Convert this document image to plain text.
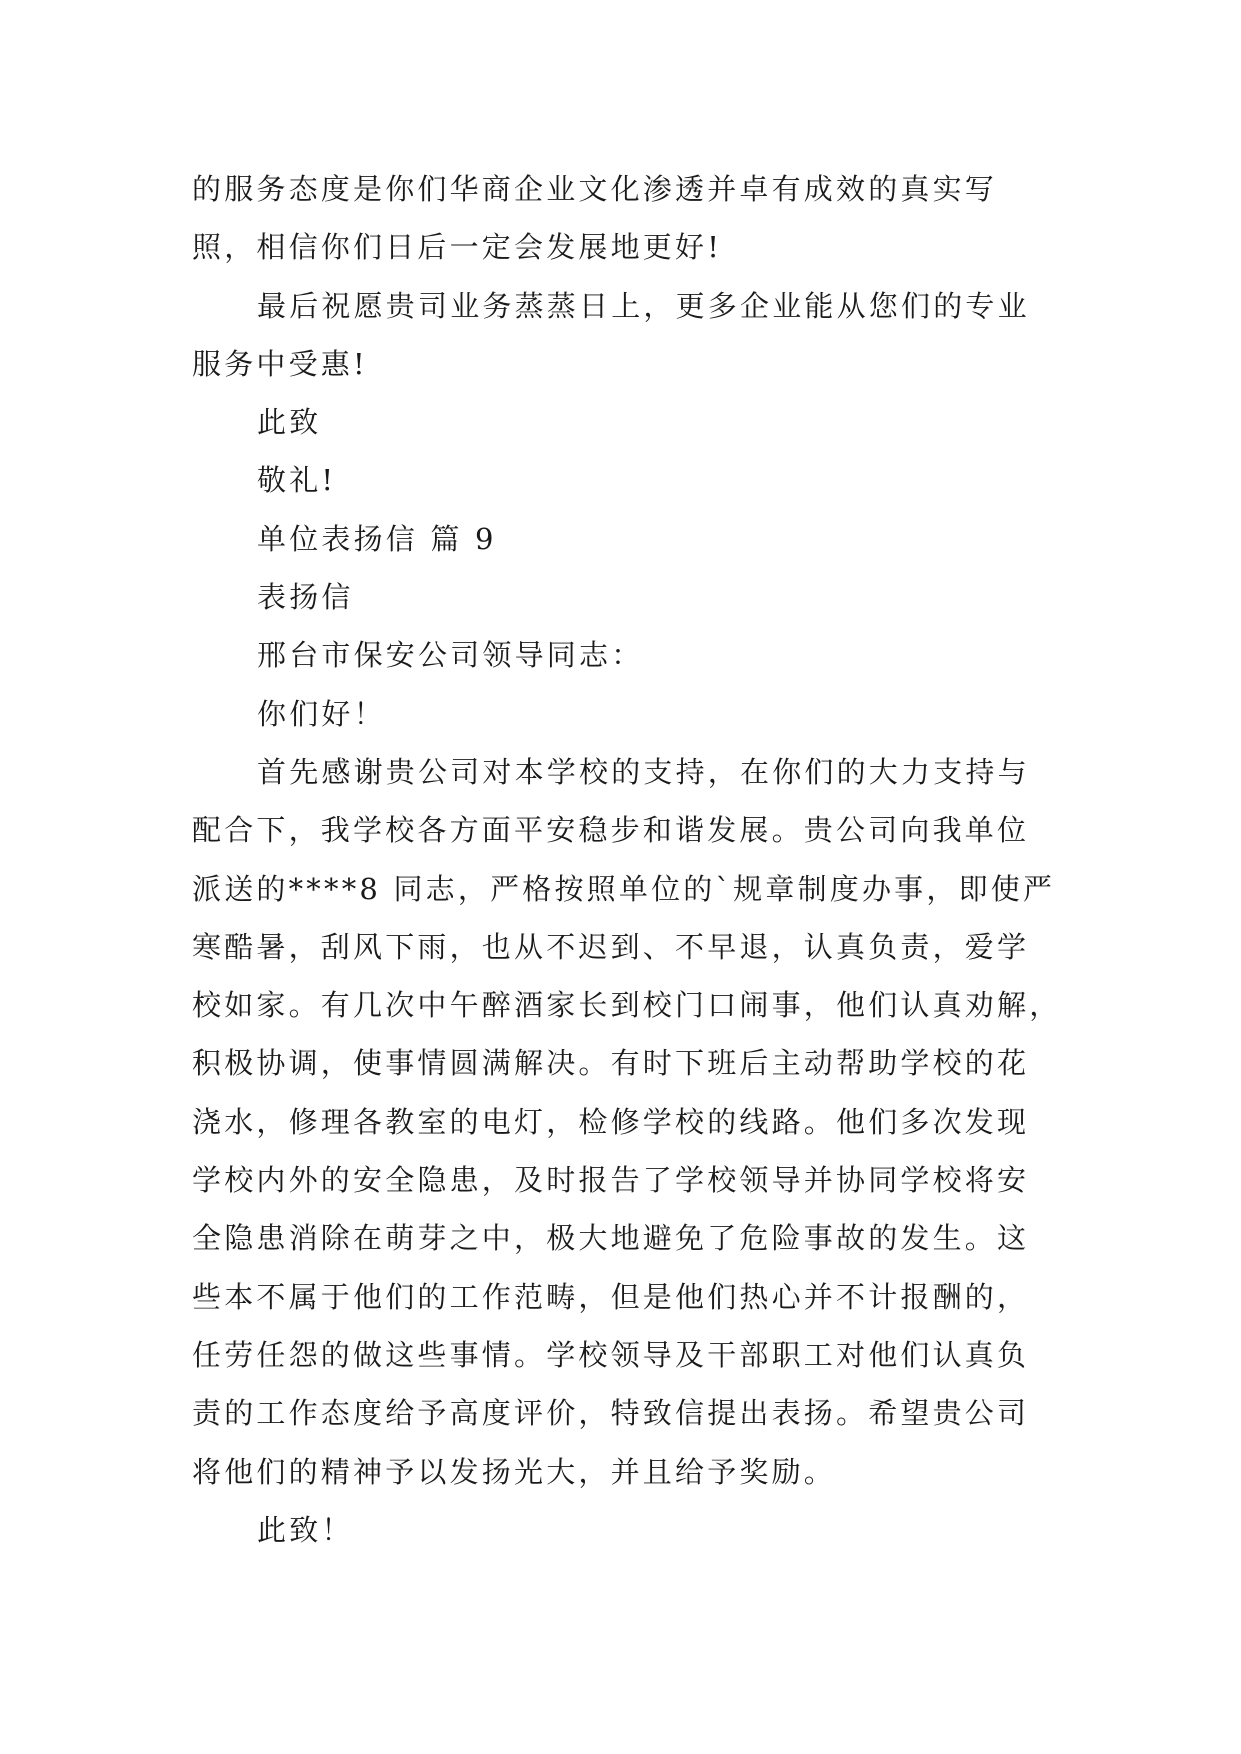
的服务态度是你们华商企业文化渗透并卓有成效的真实写
照，相信你们日后一定会发展地更好!
最后祝愿贵司业务蒸蒸日上，更多企业能从您们的专业
服务中受惠!
此致
敬礼!
单位表扬信 篇 9
表扬信
邢台市保安公司领导同志：
你们好！
首先感谢贵公司对本学校的支持，在你们的大力支持与
配合下，我学校各方面平安稳步和谐发展。贵公司向我单位
派送的****8 同志，严格按照单位的`规章制度办事，即使严
寒酷暑，刮风下雨，也从不迟到、不早退，认真负责，爱学
校如家。有几次中午醉酒家长到校门口闹事，他们认真劝解，
积极协调，使事情圆满解决。有时下班后主动帮助学校的花
浇水，修理各教室的电灯，检修学校的线路。他们多次发现
学校内外的安全隐患，及时报告了学校领导并协同学校将安
全隐患消除在萌芽之中，极大地避免了危险事故的发生。这
些本不属于他们的工作范畴，但是他们热心并不计报酬的，
任劳任怨的做这些事情。学校领导及干部职工对他们认真负
责的工作态度给予高度评价，特致信提出表扬。希望贵公司
将他们的精神予以发扬光大，并且给予奖励。
此致！
